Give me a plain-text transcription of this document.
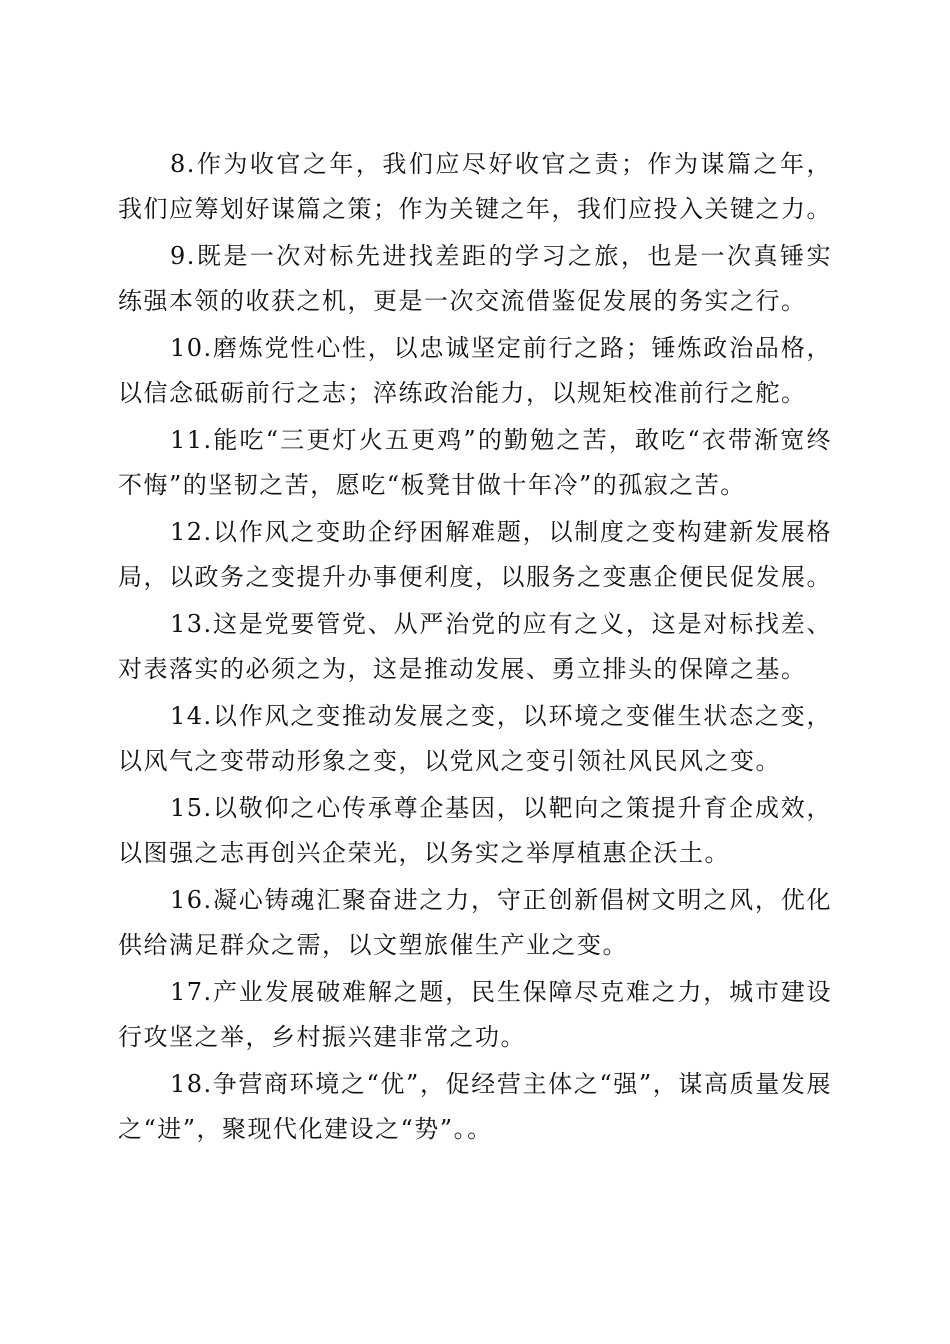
8.作为收官之年，我们应尽好收官之责；作为谋篇之年，我们应筹划好谋篇之策；作为关键之年，我们应投入关键之力。

9.既是一次对标先进找差距的学习之旅，也是一次真锤实练强本领的收获之机，更是一次交流借鉴促发展的务实之行。

10.磨炼党性心性，以忠诚坚定前行之路；锤炼政治品格，以信念砥砺前行之志；淬练政治能力，以规矩校准前行之舵。

11.能吃“三更灯火五更鸡”的勤勉之苦，敢吃“衣带渐宽终不悔”的坚韧之苦，愿吃“板凳甘做十年冷”的孤寂之苦。

12.以作风之变助企纾困解难题，以制度之变构建新发展格局，以政务之变提升办事便利度，以服务之变惠企便民促发展。

13.这是党要管党、从严治党的应有之义，这是对标找差、对表落实的必须之为，这是推动发展、勇立排头的保障之基。

14.以作风之变推动发展之变，以环境之变催生状态之变，以风气之变带动形象之变，以党风之变引领社风民风之变。

15.以敬仰之心传承尊企基因，以靶向之策提升育企成效，以图强之志再创兴企荣光，以务实之举厚植惠企沃土。

16.凝心铸魂汇聚奋进之力，守正创新倡树文明之风，优化供给满足群众之需，以文塑旅催生产业之变。

17.产业发展破难解之题，民生保障尽克难之力，城市建设行攻坚之举，乡村振兴建非常之功。

18.争营商环境之“优”，促经营主体之“强”，谋高质量发展之“进”，聚现代化建设之“势”。。
